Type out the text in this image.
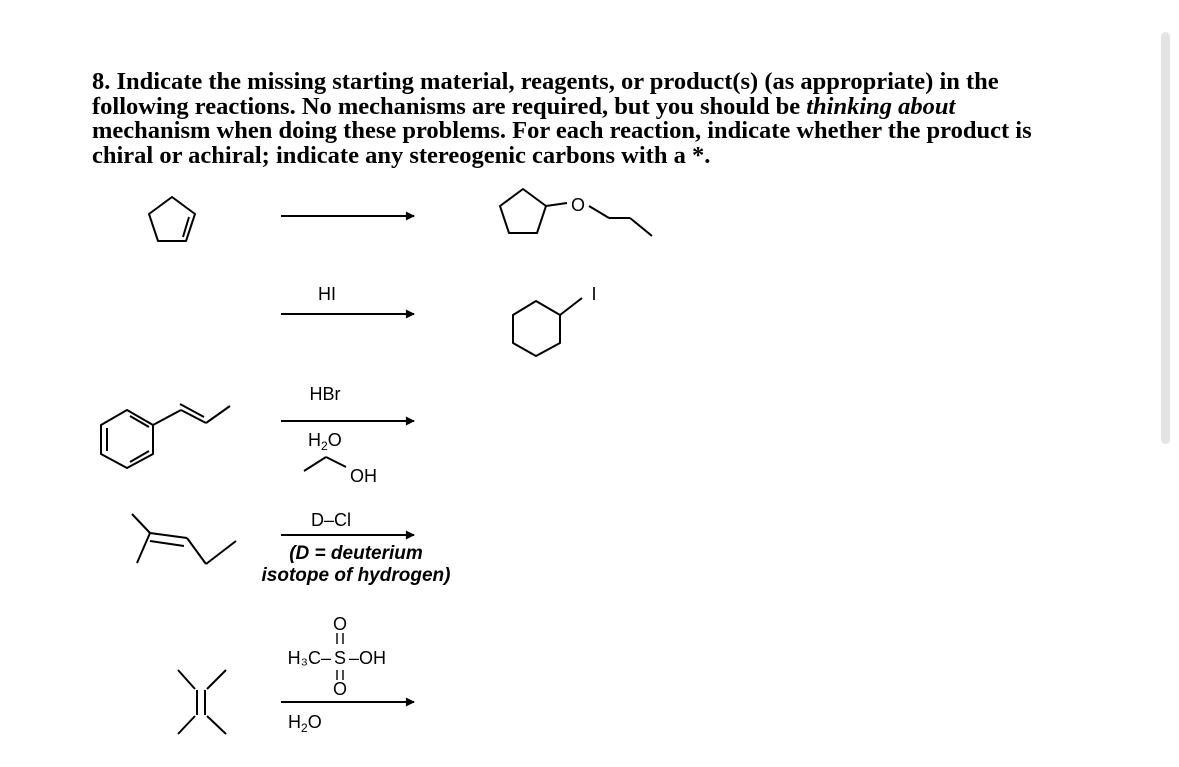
8. Indicate the missing starting material, reagents, or product(s) (as appropriate) in the
following reactions. No mechanisms are required, but you should be thinking about
mechanism when doing these problems. For each reaction, indicate whether the product is
chiral or achiral; indicate any stereogenic carbons with a *.
O
HI	I
HBr
$H_2O$
OH
D–Cl
(D = deuterium
isotope of hydrogen)
O
H₃C– S –OH
O
$H_2O$
